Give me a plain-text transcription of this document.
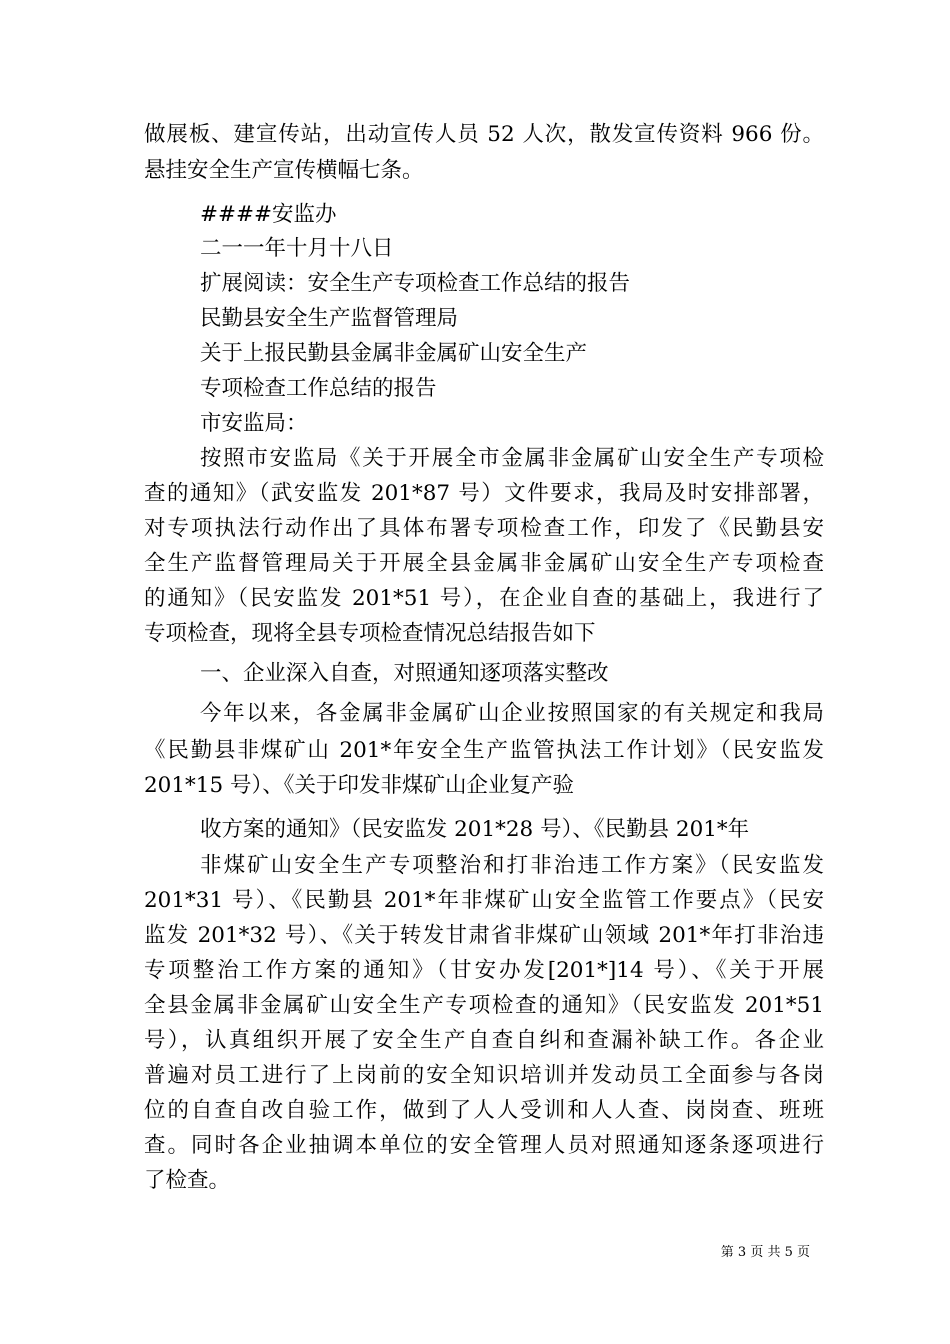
做展板、建宣传站，出动宣传人员 52 人次，散发宣传资料 966 份。
悬挂安全生产宣传横幅七条。
####安监办
二一一年十月十八日
扩展阅读：安全生产专项检查工作总结的报告
民勤县安全生产监督管理局
关于上报民勤县金属非金属矿山安全生产
专项检查工作总结的报告
市安监局：
按照市安监局《关于开展全市金属非金属矿山安全生产专项检
查的通知》（武安监发 201*87 号）文件要求，我局及时安排部署，
对专项执法行动作出了具体布署专项检查工作，印发了《民勤县安
全生产监督管理局关于开展全县金属非金属矿山安全生产专项检查
的通知》（民安监发 201*51 号），在企业自查的基础上，我进行了
专项检查，现将全县专项检查情况总结报告如下
一、企业深入自查，对照通知逐项落实整改
今年以来，各金属非金属矿山企业按照国家的有关规定和我局
《民勤县非煤矿山 201*年安全生产监管执法工作计划》（民安监发
201*15 号）、《关于印发非煤矿山企业复产验
收方案的通知》（民安监发 201*28 号）、《民勤县 201*年
非煤矿山安全生产专项整治和打非治违工作方案》（民安监发
201*31 号）、《民勤县 201*年非煤矿山安全监管工作要点》（民安
监发 201*32 号）、《关于转发甘肃省非煤矿山领域 201*年打非治违
专项整治工作方案的通知》（甘安办发[201*]14 号）、《关于开展
全县金属非金属矿山安全生产专项检查的通知》（民安监发 201*51
号），认真组织开展了安全生产自查自纠和查漏补缺工作。各企业
普遍对员工进行了上岗前的安全知识培训并发动员工全面参与各岗
位的自查自改自验工作，做到了人人受训和人人查、岗岗查、班班
查。同时各企业抽调本单位的安全管理人员对照通知逐条逐项进行
了检查。
第 3 页 共 5 页
